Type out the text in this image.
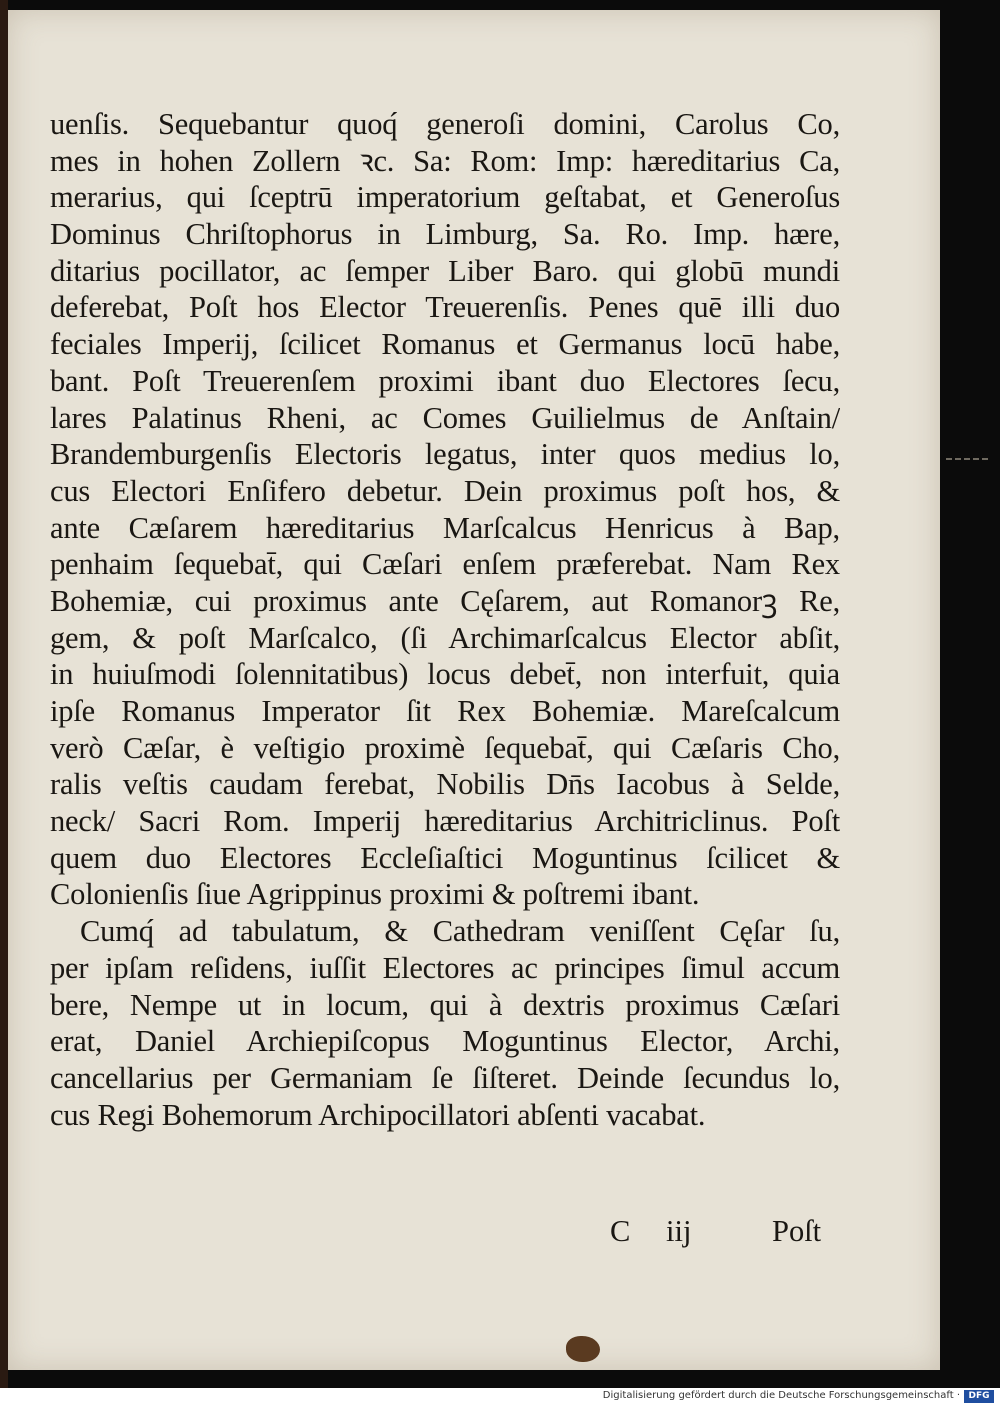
uenſis. Sequebantur quoq́ generoſi domini, Carolus Co,
mes in hohen Zollern ꝛc. Sa: Rom: Imp: hæreditarius Ca,
merarius, qui ſceptrū imperatorium geſtabat, et Generoſus
Dominus Chriſtophorus in Limburg, Sa. Ro. Imp. hære,
ditarius pocillator, ac ſemper Liber Baro. qui globū mundi
deferebat, Poſt hos Elector Treuerenſis. Penes quē illi duo
feciales Imperij, ſcilicet Romanus et Germanus locū habe,
bant. Poſt Treuerenſem proximi ibant duo Electores ſecu,
lares Palatinus Rheni, ac Comes Guilielmus de Anſtain/
Brandemburgenſis Electoris legatus, inter quos medius lo,
cus Electori Enſifero debetur. Dein proximus poſt hos, &
ante Cæſarem hæreditarius Marſcalcus Henricus à Bap,
penhaim ſequebat̄, qui Cæſari enſem præferebat. Nam Rex
Bohemiæ, cui proximus ante Cęſarem, aut Romanorꝫ Re,
gem, & poſt Marſcalco, (ſi Archimarſcalcus Elector abſit,
in huiuſmodi ſolennitatibus) locus debet̄, non interfuit, quia
ipſe Romanus Imperator ſit Rex Bohemiæ. Mareſcalcum
verò Cæſar, è veſtigio proximè ſequebat̄, qui Cæſaris Cho,
ralis veſtis caudam ferebat, Nobilis Dn̄s Iacobus à Selde,
neck/ Sacri Rom. Imperij hæreditarius Architriclinus. Poſt
quem duo Electores Eccleſiaſtici Moguntinus ſcilicet &
Colonienſis ſiue Agrippinus proximi & poſtremi ibant.
Cumq́ ad tabulatum, & Cathedram veniſſent Cęſar ſu,
per ipſam reſidens, iuſſit Electores ac principes ſimul accum
bere, Nempe ut in locum, qui à dextris proximus Cæſari
erat, Daniel Archiepiſcopus Moguntinus Elector, Archi,
cancellarius per Germaniam ſe ſiſteret. Deinde ſecundus lo,
cus Regi Bohemorum Archipocillatori abſenti vacabat.
C iij	Poſt
Digitalisierung gefördert durch die Deutsche Forschungsgemeinschaft · DFG
